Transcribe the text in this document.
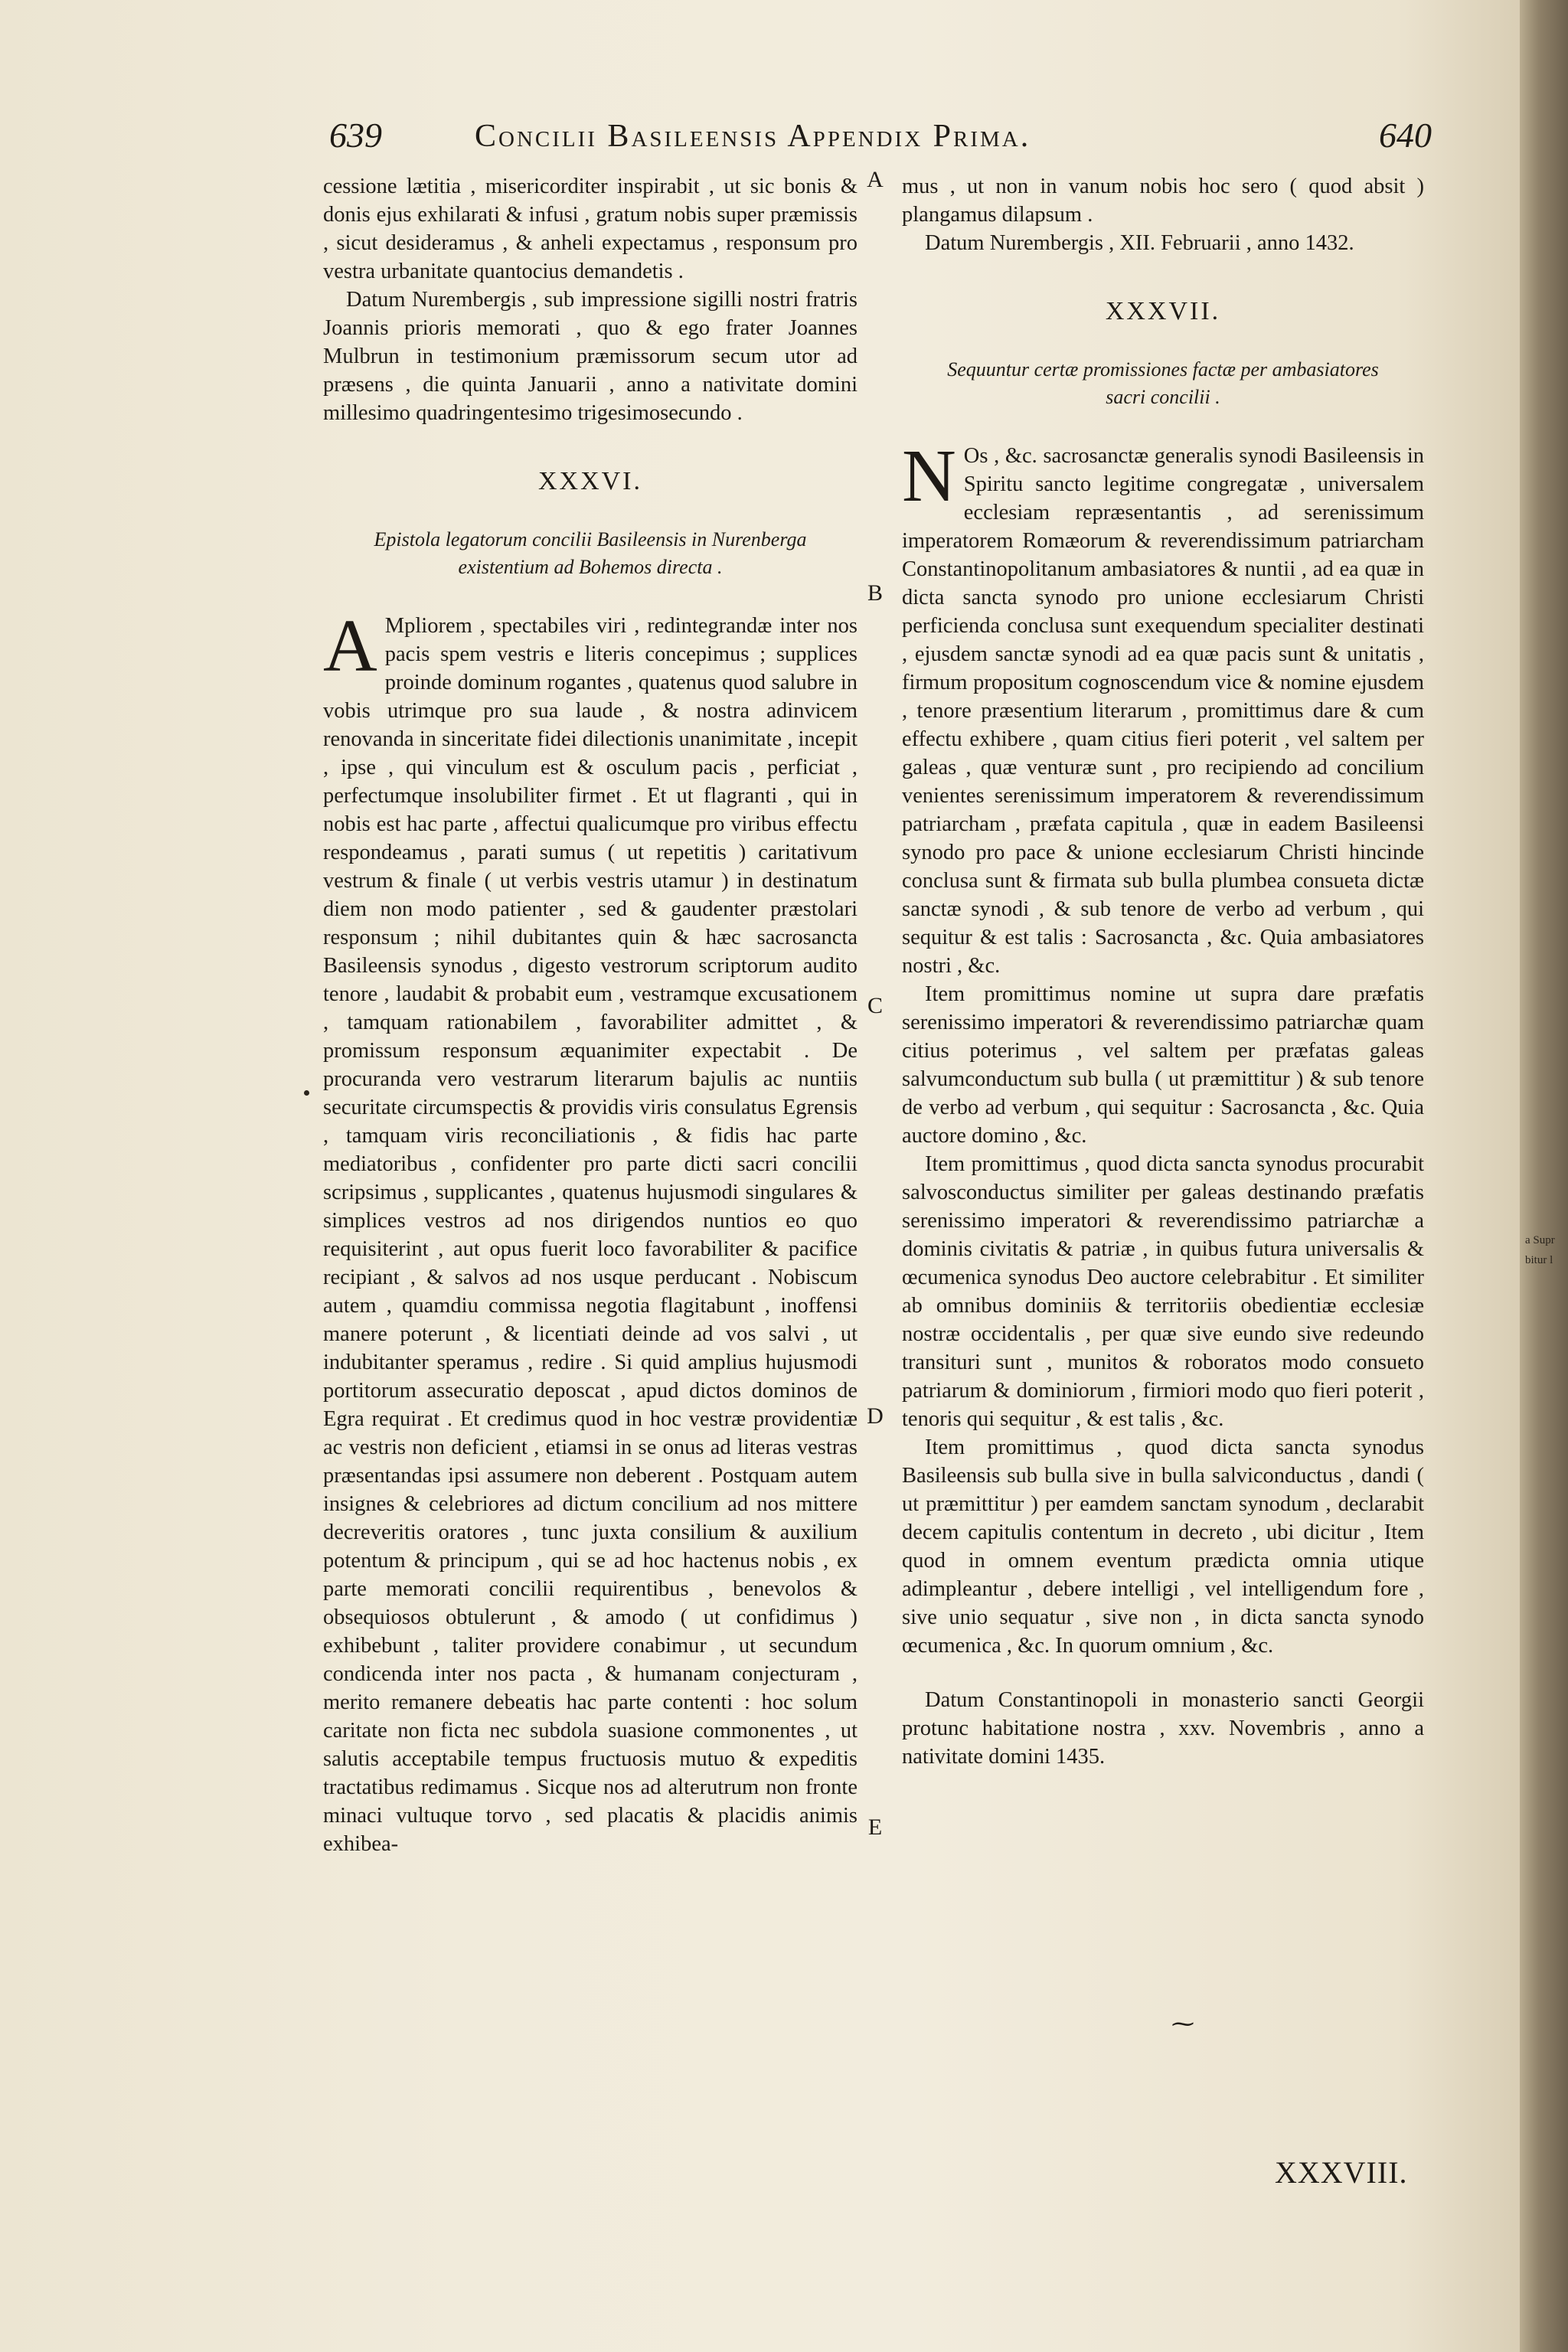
a Supr
bitur l
639	Concilii Basileensis Appendix Prima.	640

cessione lætitia , misericorditer inspirabit , ut sic bonis & donis ejus exhilarati & infusi , gratum nobis super præmissis , sicut desideramus , & anheli expectamus , responsum pro vestra urbanitate quantocius demandetis .

Datum Nurembergis , sub impressione sigilli nostri fratris Joannis prioris memorati , quo & ego frater Joannes Mulbrun in testimonium præmissorum secum utor ad præsens , die quinta Januarii , anno a nativitate domini millesimo quadringentesimo trigesimosecundo .

XXXVI.
Epistola legatorum concilii Basileensis in Nurenberga existentium ad Bohemos directa .

A Mpliorem , spectabiles viri , redintegrandæ inter nos pacis spem vestris e literis concepimus ; supplices proinde dominum rogantes , quatenus quod salubre in vobis utrimque pro sua laude , & nostra adinvicem renovanda in sinceritate fidei dilectionis unanimitate , incepit , ipse , qui vinculum est & osculum pacis , perficiat , perfectumque insolubiliter firmet . Et ut flagranti , qui in nobis est hac parte , affectui qualicumque pro viribus effectu respondeamus , parati sumus ( ut repetitis ) caritativum vestrum & finale ( ut verbis vestris utamur ) in destinatum diem non modo patienter , sed & gaudenter præstolari responsum ; nihil dubitantes quin & hæc sacrosancta Basileensis synodus , digesto vestrorum scriptorum audito tenore , laudabit & probabit eum , vestramque excusationem , tamquam rationabilem , favorabiliter admittet , & promissum responsum æquanimiter expectabit . De procuranda vero vestrarum literarum bajulis ac nuntiis securitate circumspectis & providis viris consulatus Egrensis , tamquam viris reconciliationis , & fidis hac parte mediatoribus , confidenter pro parte dicti sacri concilii scripsimus , supplicantes , quatenus hujusmodi singulares & simplices vestros ad nos dirigendos nuntios eo quo requisiterint , aut opus fuerit loco favorabiliter & pacifice recipiant , & salvos ad nos usque perducant . Nobiscum autem , quamdiu commissa negotia flagitabunt , inoffensi manere poterunt , & licentiati deinde ad vos salvi , ut indubitanter speramus , redire . Si quid amplius hujusmodi portitorum assecuratio deposcat , apud dictos dominos de Egra requirat . Et credimus quod in hoc vestræ providentiæ ac vestris non deficient , etiamsi in se onus ad literas vestras præsentandas ipsi assumere non deberent . Postquam autem insignes & celebriores ad dictum concilium ad nos mittere decreveritis oratores , tunc juxta consilium & auxilium potentum & principum , qui se ad hoc hactenus nobis , ex parte memorati concilii requirentibus , benevolos & obsequiosos obtulerunt , & amodo ( ut confidimus ) exhibebunt , taliter providere conabimur , ut secundum condicenda inter nos pacta , & humanam conjecturam , merito remanere debeatis hac parte contenti : hoc solum caritate non ficta nec subdola suasione commonentes , ut salutis acceptabile tempus fructuosis mutuo & expeditis tractatibus redimamus . Sicque nos ad alterutrum non fronte minaci vultuque torvo , sed placatis & placidis animis exhibea-

mus , ut non in vanum nobis hoc sero ( quod absit ) plangamus dilapsum .

Datum Nurembergis , XII. Februarii , anno 1432.

XXXVII.
Sequuntur certæ promissiones factæ per ambasiatores sacri concilii .

N Os , &c. sacrosanctæ generalis synodi Basileensis in Spiritu sancto legitime congregatæ , universalem ecclesiam repræsentantis , ad serenissimum imperatorem Romæorum & reverendissimum patriarcham Constantinopolitanum ambasiatores & nuntii , ad ea quæ in dicta sancta synodo pro unione ecclesiarum Christi perficienda conclusa sunt exequendum specialiter destinati , ejusdem sanctæ synodi ad ea quæ pacis sunt & unitatis , firmum propositum cognoscendum vice & nomine ejusdem , tenore præsentium literarum , promittimus dare & cum effectu exhibere , quam citius fieri poterit , vel saltem per galeas , quæ venturæ sunt , pro recipiendo ad concilium venientes serenissimum imperatorem & reverendissimum patriarcham , præfata capitula , quæ in eadem Basileensi synodo pro pace & unione ecclesiarum Christi hincinde conclusa sunt & firmata sub bulla plumbea consueta dictæ sanctæ synodi , & sub tenore de verbo ad verbum , qui sequitur & est talis : Sacrosancta , &c. Quia ambasiatores nostri , &c.

Item promittimus nomine ut supra dare præfatis serenissimo imperatori & reverendissimo patriarchæ quam citius poterimus , vel saltem per præfatas galeas salvumconductum sub bulla ( ut præmittitur ) & sub tenore de verbo ad verbum , qui sequitur : Sacrosancta , &c. Quia auctore domino , &c.

Item promittimus , quod dicta sancta synodus procurabit salvosconductus similiter per galeas destinando præfatis serenissimo imperatori & reverendissimo patriarchæ a dominis civitatis & patriæ , in quibus futura universalis & œcumenica synodus Deo auctore celebrabitur . Et similiter ab omnibus dominiis & territoriis obedientiæ ecclesiæ nostræ occidentalis , per quæ sive eundo sive redeundo transituri sunt , munitos & roboratos modo consueto patriarum & dominiorum , firmiori modo quo fieri poterit , tenoris qui sequitur , & est talis , &c.

Item promittimus , quod dicta sancta synodus Basileensis sub bulla sive in bulla salviconductus , dandi ( ut præmittitur ) per eamdem sanctam synodum , declarabit decem capitulis contentum in decreto , ubi dicitur , Item quod in omnem eventum prædicta omnia utique adimpleantur , debere intelligi , vel intelligendum fore , sive unio sequatur , sive non , in dicta sancta synodo œcumenica , &c. In quorum omnium , &c.

Datum Constantinopoli in monasterio sancti Georgii protunc habitatione nostra , xxv. Novembris , anno a nativitate domini 1435.

A
B
C
D
E
⁓
XXXVIII.
